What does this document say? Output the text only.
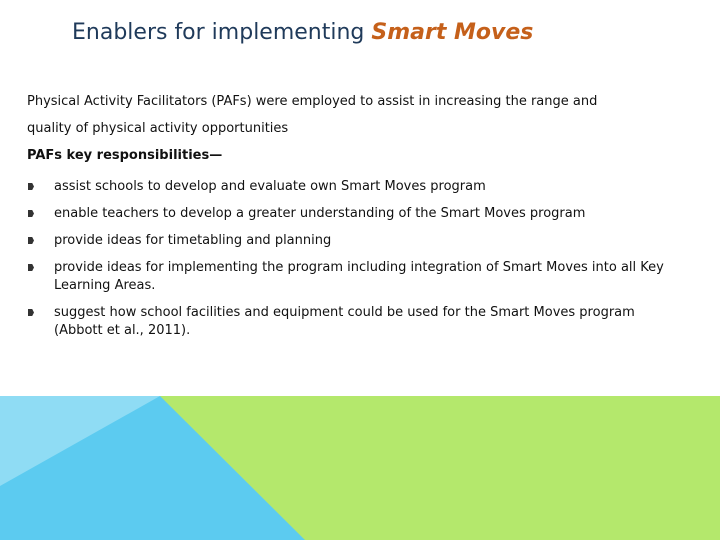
Enablers for implementing Smart Moves

Physical Activity Facilitators (PAFs) were employed to assist in increasing the range and

quality of physical activity opportunities

PAFs key responsibilities—

assist schools to develop and evaluate own Smart Moves program
enable teachers to develop a greater understanding of the Smart Moves program
provide ideas for timetabling and planning
provide ideas for implementing the program including integration of Smart Moves into all Key Learning Areas.
suggest how school facilities and equipment could be used for the Smart Moves program (Abbott et al., 2011).
